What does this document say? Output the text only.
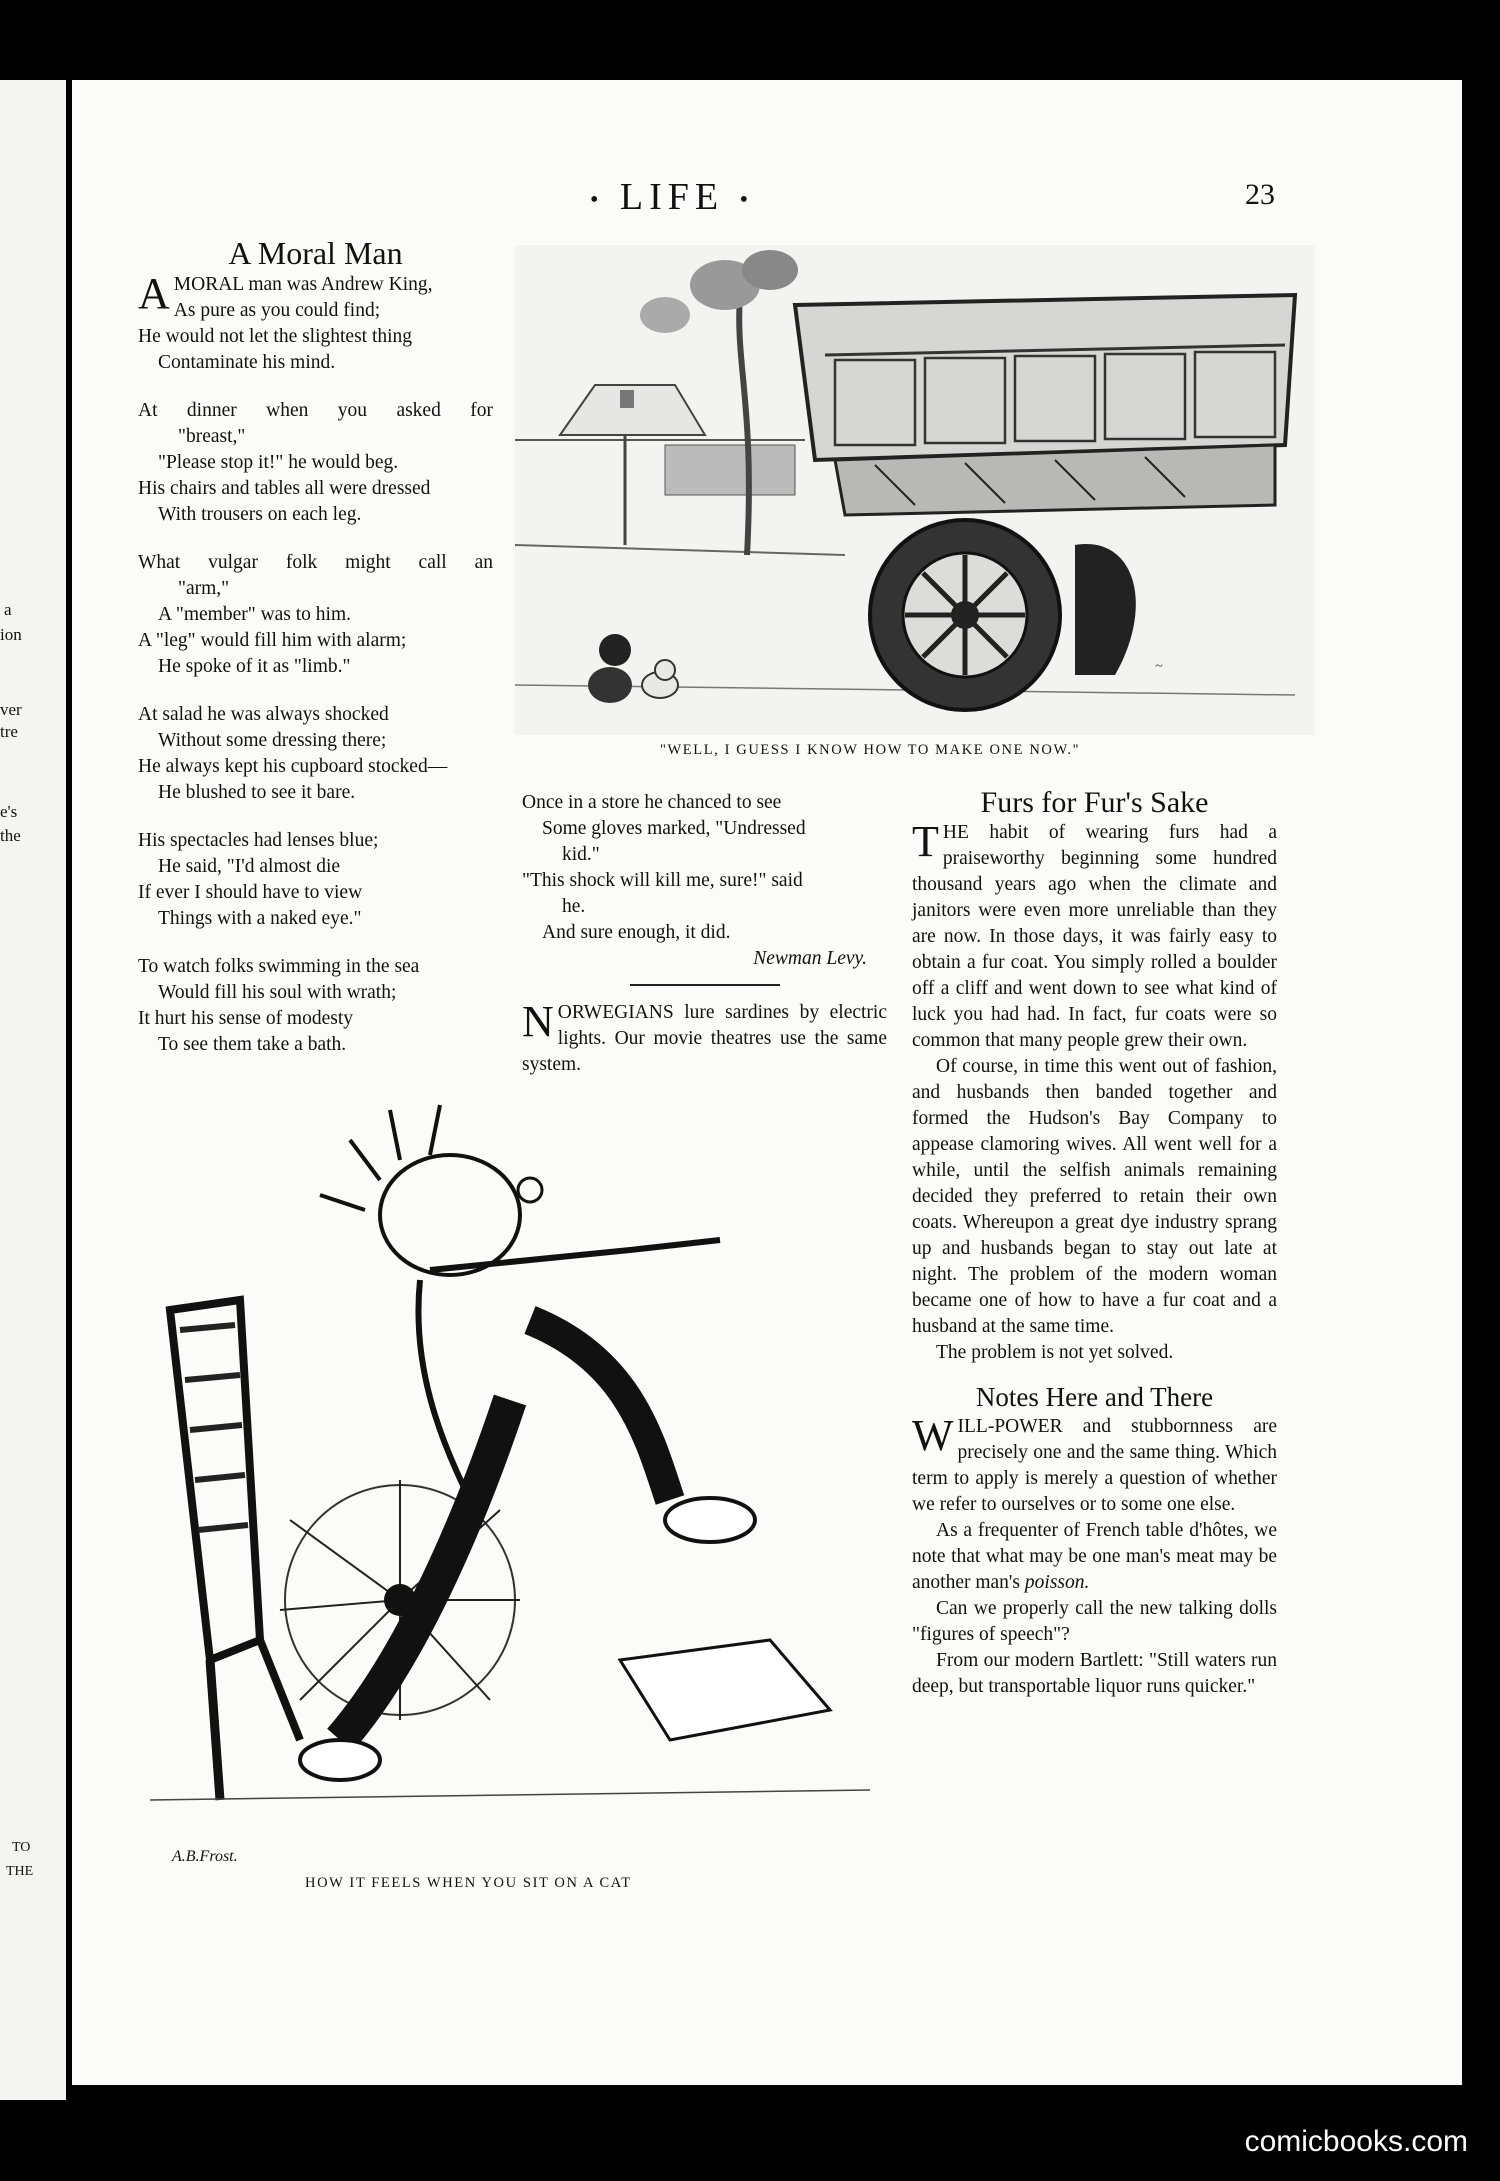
a
ion
ver
tre
e's
the
TO
THE
• LIFE •	23
A Moral Man
AMORAL man was Andrew King,
As pure as you could find;
He would not let the slightest thing
Contaminate his mind.
At dinner when you asked for
"breast,"
"Please stop it!" he would beg.
His chairs and tables all were dressed
With trousers on each leg.
What vulgar folk might call an
"arm,"
A "member" was to him.
A "leg" would fill him with alarm;
He spoke of it as "limb."
At salad he was always shocked
Without some dressing there;
He always kept his cupboard stocked—
He blushed to see it bare.
His spectacles had lenses blue;
He said, "I'd almost die
If ever I should have to view
Things with a naked eye."
To watch folks swimming in the sea
Would fill his soul with wrath;
It hurt his sense of modesty
To see them take a bath.
~
"WELL, I GUESS I KNOW HOW TO MAKE ONE NOW."
Once in a store he chanced to see
Some gloves marked, "Undressed
kid."
"This shock will kill me, sure!" said
he.
And sure enough, it did.
Newman Levy.
NORWEGIANS lure sardines by electric lights. Our movie theatres use the same system.
Furs for Fur's Sake
THE habit of wearing furs had a praiseworthy beginning some hundred thousand years ago when the climate and janitors were even more unreliable than they are now. In those days, it was fairly easy to obtain a fur coat. You simply rolled a boulder off a cliff and went down to see what kind of luck you had had. In fact, fur coats were so common that many people grew their own.
Of course, in time this went out of fashion, and husbands then banded together and formed the Hudson's Bay Company to appease clamoring wives. All went well for a while, until the selfish animals remaining decided they preferred to retain their own coats. Whereupon a great dye industry sprang up and husbands began to stay out late at night. The problem of the modern woman became one of how to have a fur coat and a husband at the same time.
The problem is not yet solved.
Notes Here and There
WILL-POWER and stubbornness are precisely one and the same thing. Which term to apply is merely a question of whether we refer to ourselves or to some one else.
As a frequenter of French table d'hôtes, we note that what may be one man's meat may be another man's poisson.
Can we properly call the new talking dolls "figures of speech"?
From our modern Bartlett: "Still waters run deep, but transportable liquor runs quicker."
A.B.Frost.
HOW IT FEELS WHEN YOU SIT ON A CAT
comicbooks.com
